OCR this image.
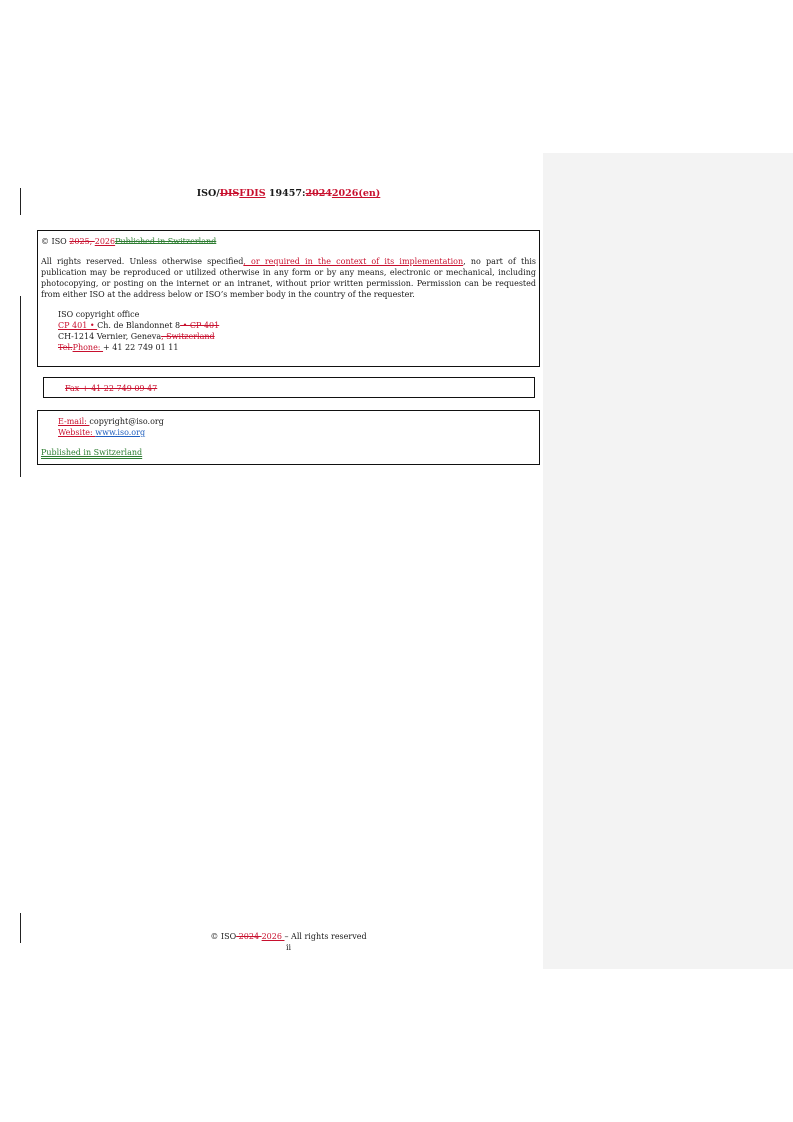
ISO/DISFDIS 19457:20242026(en)

© ISO 2025, 2026Published in Switzerland

All rights reserved. Unless otherwise specified, or required in the context of its implementation, no part of this publication may be reproduced or utilized otherwise in any form or by any means, electronic or mechanical, including photocopying, or posting on the internet or an intranet, without prior written permission. Permission can be requested from either ISO at the address below or ISO’s member body in the country of the requester.

ISO copyright office

CP 401 • Ch. de Blandonnet 8 • CP 401

CH-1214 Vernier, Geneva, Switzerland

Tel.Phone: + 41 22 749 01 11

Fax + 41 22 749 09 47

E-mail: copyright@iso.org

Website: www.iso.org

Published in Switzerland

© ISO 2024 2026 – All rights reserved
ii
